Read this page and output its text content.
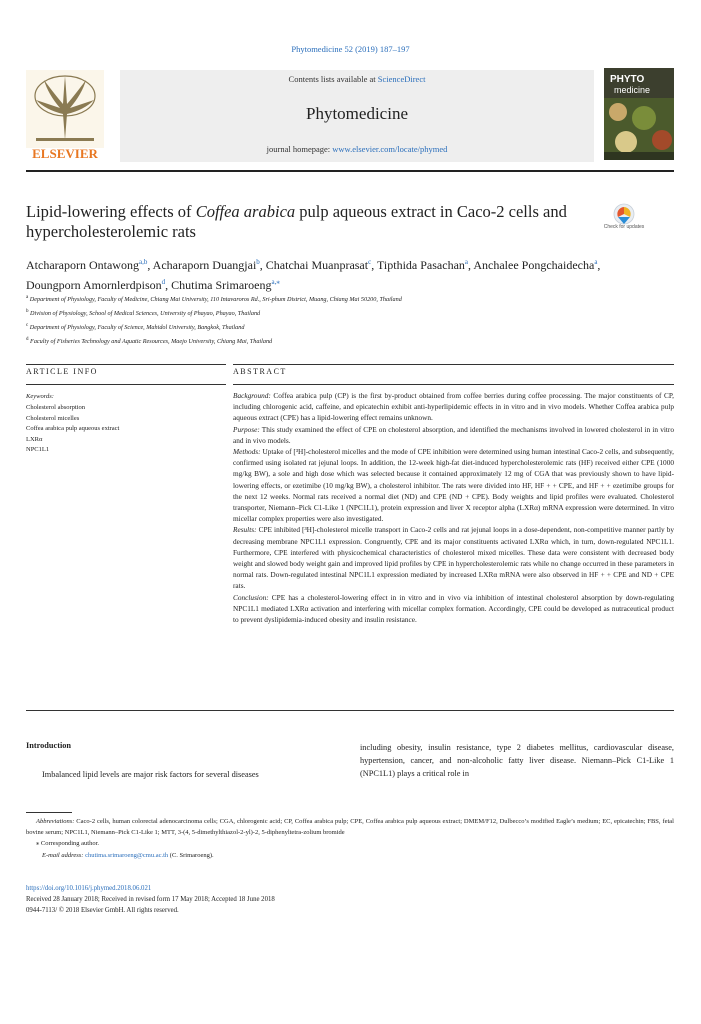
Phytomedicine 52 (2019) 187–197
ELSEVIER
Contents lists available at ScienceDirect
Phytomedicine
journal homepage: www.elsevier.com/locate/phymed
PHYTO
medicine
Lipid-lowering effects of Coffea arabica pulp aqueous extract in Caco-2 cells and hypercholesterolemic rats	Check for updates
Atcharaporn Ontawong$^{a,b}$, Acharaporn Duangjai$^b$, Chatchai Muanprasat$^c$, Tipthida Pasachan$^a$, Anchalee Pongchaidecha$^a$, Doungporn Amornlerdpison$^d$, Chutima Srimaroeng$^{a,⁎}$
$^a$ Department of Physiology, Faculty of Medicine, Chiang Mai University, 110 Intavaroros Rd., Sri-phum District, Muang, Chiang Mai 50200, Thailand
$^b$ Division of Physiology, School of Medical Sciences, University of Phayao, Phayao, Thailand
$^c$ Department of Physiology, Faculty of Science, Mahidol University, Bangkok, Thailand
$^d$ Faculty of Fisheries Technology and Aquatic Resources, Maejo University, Chiang Mai, Thailand
ARTICLE INFO	ABSTRACT
Keywords:
Cholesterol absorption
Cholesterol micelles
Coffea arabica pulp aqueous extract
LXRα
NPC1L1

Background: Coffea arabica pulp (CP) is the first by-product obtained from coffee berries during coffee processing. The major constituents of CP, including chlorogenic acid, caffeine, and epicatechin exhibit anti-hyperlipidemic effects in in vitro and in vivo models. Whether Coffea arabica pulp aqueous extract (CPE) has a lipid-lowering effect remains unknown.

Purpose: This study examined the effect of CPE on cholesterol absorption, and identified the mechanisms involved in lowered cholesterol in in vitro and in vivo models.

Methods: Uptake of [³H]-cholesterol micelles and the mode of CPE inhibition were determined using human intestinal Caco-2 cells, and subsequently, confirmed using isolated rat jejunal loops. In addition, the 12-week high-fat diet-induced hypercholesterolemic rats (HF) received either CPE (1000 mg/kg BW), a sole and high dose which was selected because it contained approximately 12 mg of CGA that was previously shown to have lipid-lowering effects, or ezetimibe (10 mg/kg BW), a cholesterol inhibitor. The rats were divided into HF, HF + + CPE, and HF + + ezetimibe groups for the next 12 weeks. Normal rats received a normal diet (ND) and CPE (ND + CPE). Body weights and lipid profiles were evaluated. Cholesterol transporter, Niemann–Pick C1-Like 1 (NPC1L1), protein expression and liver X receptor alpha (LXRα) mRNA expression were determined. In vitro micellar complex properties were also investigated.

Results: CPE inhibited [³H]-cholesterol micelle transport in Caco-2 cells and rat jejunal loops in a dose-dependent, non-competitive manner partly by decreasing membrane NPC1L1 expression. Congruently, CPE and its major constituents activated LXRα which, in turn, down-regulated NPC1L1. Furthermore, CPE interfered with physicochemical characteristics of cholesterol mixed micelles. These data were consistent with decreased body weight and slowed body weight gain and improved lipid profiles by CPE in hypercholesterolemic rats while no change occurred in these parameters in normal rats. Down-regulated intestinal NPC1L1 expression mediated by increased LXRα mRNA were also observed in HF + + CPE and ND + CPE rats.

Conclusion: CPE has a cholesterol-lowering effect in in vitro and in vivo via inhibition of intestinal cholesterol absorption by down-regulating NPC1L1 mediated LXRα activation and interfering with micellar complex formation. Accordingly, CPE could be developed as nutraceutical product to prevent dyslipidemia-induced obesity and insulin resistance.

Introduction
Imbalanced lipid levels are major risk factors for several diseases
including obesity, insulin resistance, type 2 diabetes mellitus, cardiovascular disease, hypertension, cancer, and non-alcoholic fatty liver disease. Niemann–Pick C1-Like 1 (NPC1L1) plays a critical role in

Abbreviations: Caco-2 cells, human colorectal adenocarcinoma cells; CGA, chlorogenic acid; CP, Coffea arabica pulp; CPE, Coffea arabica pulp aqueous extract; DMEM/F12, Dulbecco’s modified Eagle’s medium; EC, epicatechin; FBS, fetal bovine serum; NPC1L1, Niemann–Pick C1-Like 1; MTT, 3-(4, 5-dimethylthiazol-2-yl)-2, 5-diphenyltetra-zolium bromide

⁎ Corresponding author.

E-mail address: chutima.srimaroeng@cmu.ac.th (C. Srimaroeng).

https://doi.org/10.1016/j.phymed.2018.06.021
Received 28 January 2018; Received in revised form 17 May 2018; Accepted 18 June 2018
0944-7113/ © 2018 Elsevier GmbH. All rights reserved.
